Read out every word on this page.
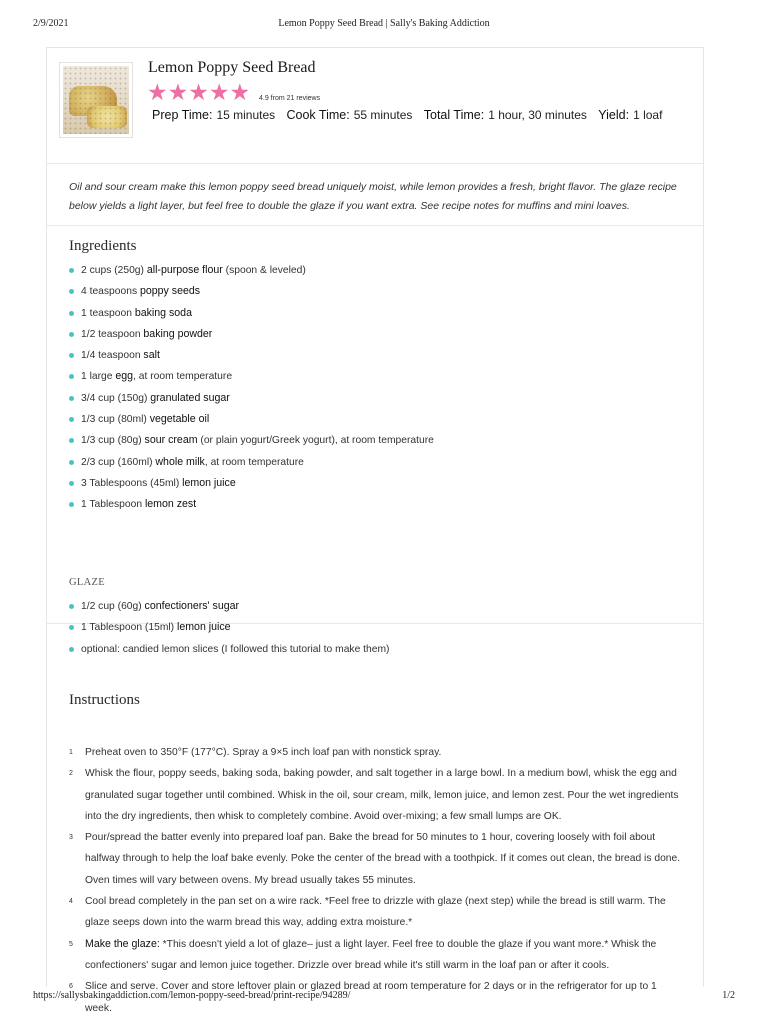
2/9/2021	Lemon Poppy Seed Bread | Sally's Baking Addiction
Lemon Poppy Seed Bread
★★★★★ 4.9 from 21 reviews
Prep Time: 15 minutes Cook Time: 55 minutes Total Time: 1 hour, 30 minutes Yield: 1 loaf
Oil and sour cream make this lemon poppy seed bread uniquely moist, while lemon provides a fresh, bright flavor. The glaze recipe below yields a light layer, but feel free to double the glaze if you want extra. See recipe notes for muffins and mini loaves.
Ingredients
2 cups (250g) all-purpose flour (spoon & leveled)
4 teaspoons poppy seeds
1 teaspoon baking soda
1/2 teaspoon baking powder
1/4 teaspoon salt
1 large egg, at room temperature
3/4 cup (150g) granulated sugar
1/3 cup (80ml) vegetable oil
1/3 cup (80g) sour cream (or plain yogurt/Greek yogurt), at room temperature
2/3 cup (160ml) whole milk, at room temperature
3 Tablespoons (45ml) lemon juice
1 Tablespoon lemon zest
GLAZE
1/2 cup (60g) confectioners' sugar
1 Tablespoon (15ml) lemon juice
optional: candied lemon slices (I followed this tutorial to make them)
Instructions
1 Preheat oven to 350°F (177°C). Spray a 9×5 inch loaf pan with nonstick spray.
2 Whisk the flour, poppy seeds, baking soda, baking powder, and salt together in a large bowl. In a medium bowl, whisk the egg and granulated sugar together until combined. Whisk in the oil, sour cream, milk, lemon juice, and lemon zest. Pour the wet ingredients into the dry ingredients, then whisk to completely combine. Avoid over-mixing; a few small lumps are OK.
3 Pour/spread the batter evenly into prepared loaf pan. Bake the bread for 50 minutes to 1 hour, covering loosely with foil about halfway through to help the loaf bake evenly. Poke the center of the bread with a toothpick. If it comes out clean, the bread is done. Oven times will vary between ovens. My bread usually takes 55 minutes.
4 Cool bread completely in the pan set on a wire rack. *Feel free to drizzle with glaze (next step) while the bread is still warm. The glaze seeps down into the warm bread this way, adding extra moisture.*
5 Make the glaze: *This doesn't yield a lot of glaze– just a light layer. Feel free to double the glaze if you want more.* Whisk the confectioners' sugar and lemon juice together. Drizzle over bread while it's still warm in the loaf pan or after it cools.
6 Slice and serve. Cover and store leftover plain or glazed bread at room temperature for 2 days or in the refrigerator for up to 1 week.
https://sallysbakingaddiction.com/lemon-poppy-seed-bread/print-recipe/94289/	1/2
